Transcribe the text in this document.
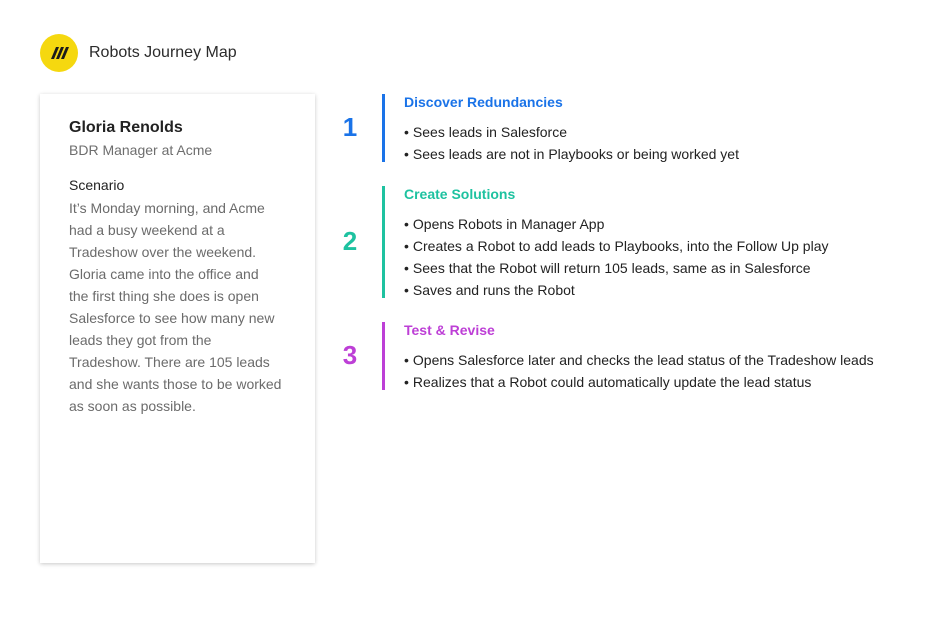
Robots Journey Map
Gloria Renolds
BDR Manager at Acme
Scenario
It’s Monday morning, and Acme
had a busy weekend at a
Tradeshow over the weekend.
Gloria came into the office and
the first thing she does is open
Salesforce to see how many new
leads they got from the
Tradeshow. There are 105 leads
and she wants those to be worked
as soon as possible.
1
Discover Redundancies
• Sees leads in Salesforce
• Sees leads are not in Playbooks or being worked yet
2
Create Solutions
• Opens Robots in Manager App
• Creates a Robot to add leads to Playbooks, into the Follow Up play
• Sees that the Robot will return 105 leads, same as in Salesforce
• Saves and runs the Robot
3
Test & Revise
• Opens Salesforce later and checks the lead status of the Tradeshow leads
• Realizes that a Robot could automatically update the lead status
